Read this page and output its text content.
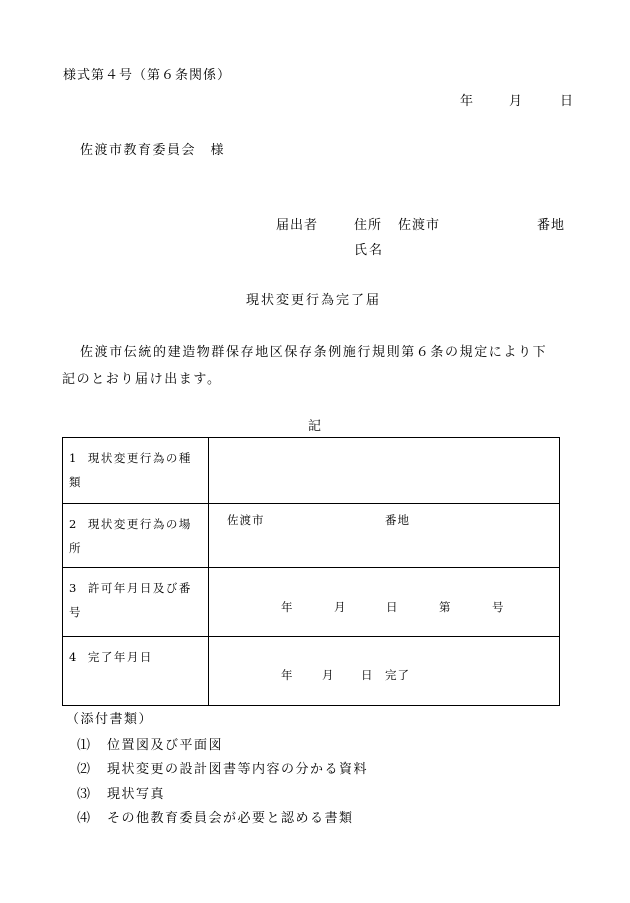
様式第４号（第６条関係）
年	月	日
佐渡市教育委員会　様
届出者	住所 佐渡市	番地
氏名
現状変更行為完了届
佐渡市伝統的建造物群保存地区保存条例施行規則第６条の規定により下
記のとおり届け出ます。
記
1 現状変更行為の種類	

2 現状変更行為の場所	佐渡市 番地

3 許可年月日及び番号	年 月 日 第 号

4 完了年月日	年 月 日 完了
（添付書類）
⑴ 位置図及び平面図
⑵ 現状変更の設計図書等内容の分かる資料
⑶ 現状写真
⑷ その他教育委員会が必要と認める書類
